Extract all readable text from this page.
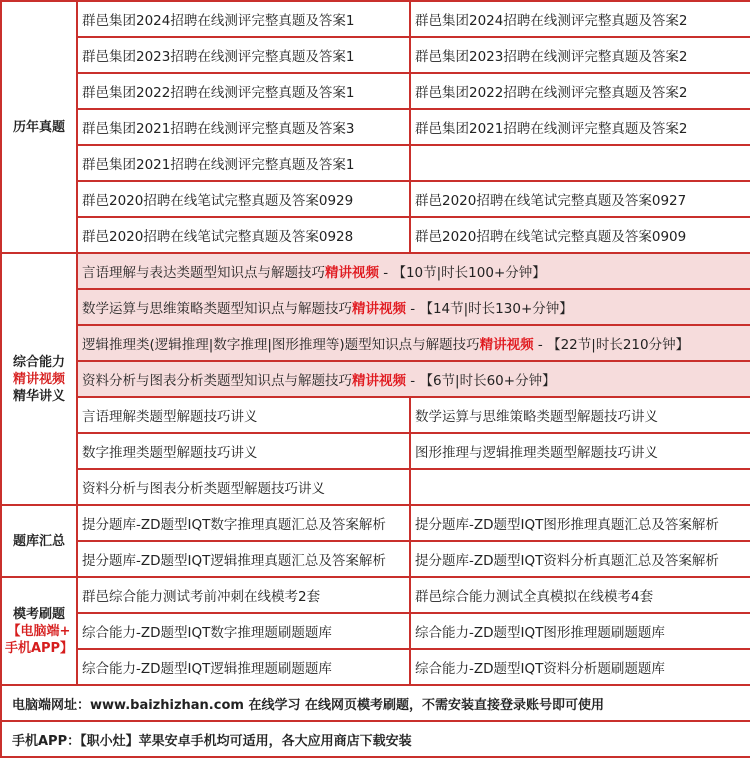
历年真题	群邑集团2024招聘在线测评完整真题及答案1	群邑集团2024招聘在线测评完整真题及答案2
	群邑集团2023招聘在线测评完整真题及答案1	群邑集团2023招聘在线测评完整真题及答案2
	群邑集团2022招聘在线测评完整真题及答案1	群邑集团2022招聘在线测评完整真题及答案2
	群邑集团2021招聘在线测评完整真题及答案3	群邑集团2021招聘在线测评完整真题及答案2
	群邑集团2021招聘在线测评完整真题及答案1	
	群邑2020招聘在线笔试完整真题及答案0929	群邑2020招聘在线笔试完整真题及答案0927
	群邑2020招聘在线笔试完整真题及答案0928	群邑2020招聘在线笔试完整真题及答案0909

综合能力
精讲视频
精华讲义	言语理解与表达类题型知识点与解题技巧精讲视频 - 【10节|时长100+分钟】	
	数学运算与思维策略类题型知识点与解题技巧精讲视频 - 【14节|时长130+分钟】	
	逻辑推理类(逻辑推理|数字推理|图形推理等)题型知识点与解题技巧精讲视频 - 【22节|时长210分钟】	
	资料分析与图表分析类题型知识点与解题技巧精讲视频 - 【6节|时长60+分钟】	
	言语理解类题型解题技巧讲义	数学运算与思维策略类题型解题技巧讲义
	数字推理类题型解题技巧讲义	图形推理与逻辑推理类题型解题技巧讲义
	资料分析与图表分析类题型解题技巧讲义	
题库汇总	提分题库-ZD题型IQT数字推理真题汇总及答案解析	提分题库-ZD题型IQT图形推理真题汇总及答案解析
	提分题库-ZD题型IQT逻辑推理真题汇总及答案解析	提分题库-ZD题型IQT资料分析真题汇总及答案解析

模考刷题
【电脑端+
手机APP】	群邑综合能力测试考前冲刺在线模考2套	群邑综合能力测试全真模拟在线模考4套
	综合能力-ZD题型IQT数字推理题刷题题库	综合能力-ZD题型IQT图形推理题刷题题库
	综合能力-ZD题型IQT逻辑推理题刷题题库	综合能力-ZD题型IQT资料分析题刷题题库
电脑端网址：www.baizhizhan.com 在线学习 在线网页模考刷题，不需安装直接登录账号即可使用		
手机APP：【职小灶】苹果安卓手机均可适用，各大应用商店下载安装		
